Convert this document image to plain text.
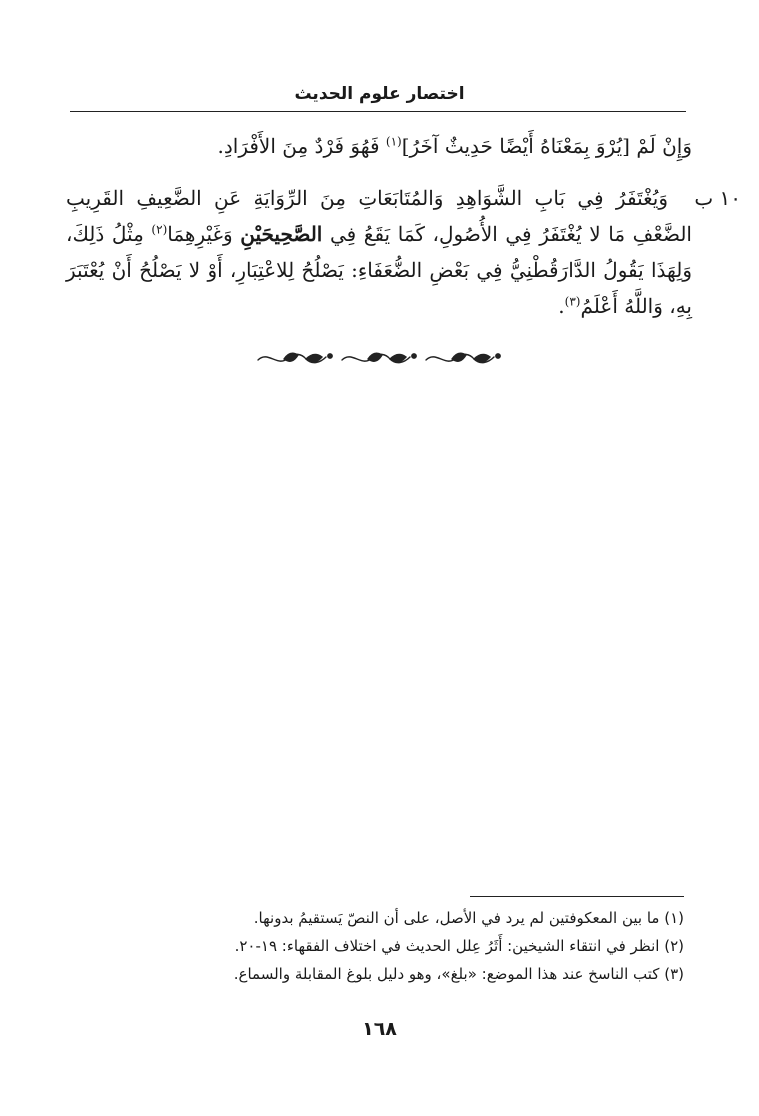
اختصار علوم الحديث
وَإِنْ لَمْ [يُرْوَ بِمَعْنَاهُ أَيْضًا حَدِيثٌ آخَرُ]$^{(١)}$ فَهُوَ فَرْدٌ مِنَ الأَفْرَادِ.
١٠ ب
وَيُغْتَفَرُ فِي بَابِ الشَّوَاهِدِ وَالمُتَابَعَاتِ مِنَ الرِّوَايَةِ عَنِ الضَّعِيفِ القَرِيبِ الضَّعْفِ مَا لا يُغْتَفَرُ فِي الأُصُولِ، كَمَا يَقَعُ فِي الصَّحِيحَيْنِ وَغَيْرِهِمَا$^{(٢)}$ مِثْلُ ذَلِكَ، وَلِهَذَا يَقُولُ الدَّارَقُطْنِيُّ فِي بَعْضِ الضُّعَفَاءِ: يَصْلُحُ لِلاعْتِبَارِ، أَوْ لا يَصْلُحُ أَنْ يُعْتَبَرَ بِهِ، وَاللَّهُ أَعْلَمُ$^{(٣)}$.

(١) ما بين المعكوفتين لم يرد في الأصل، على أن النصّ يَستقيمُ بدونها.

(٢) انظر في انتقاء الشيخين: أَثَرُ عِلل الحديث في اختلاف الفقهاء: ١٩-٢٠.

(٣) كتب الناسخ عند هذا الموضع: «بلغ»، وهو دليل بلوغ المقابلة والسماع.

١٦٨
